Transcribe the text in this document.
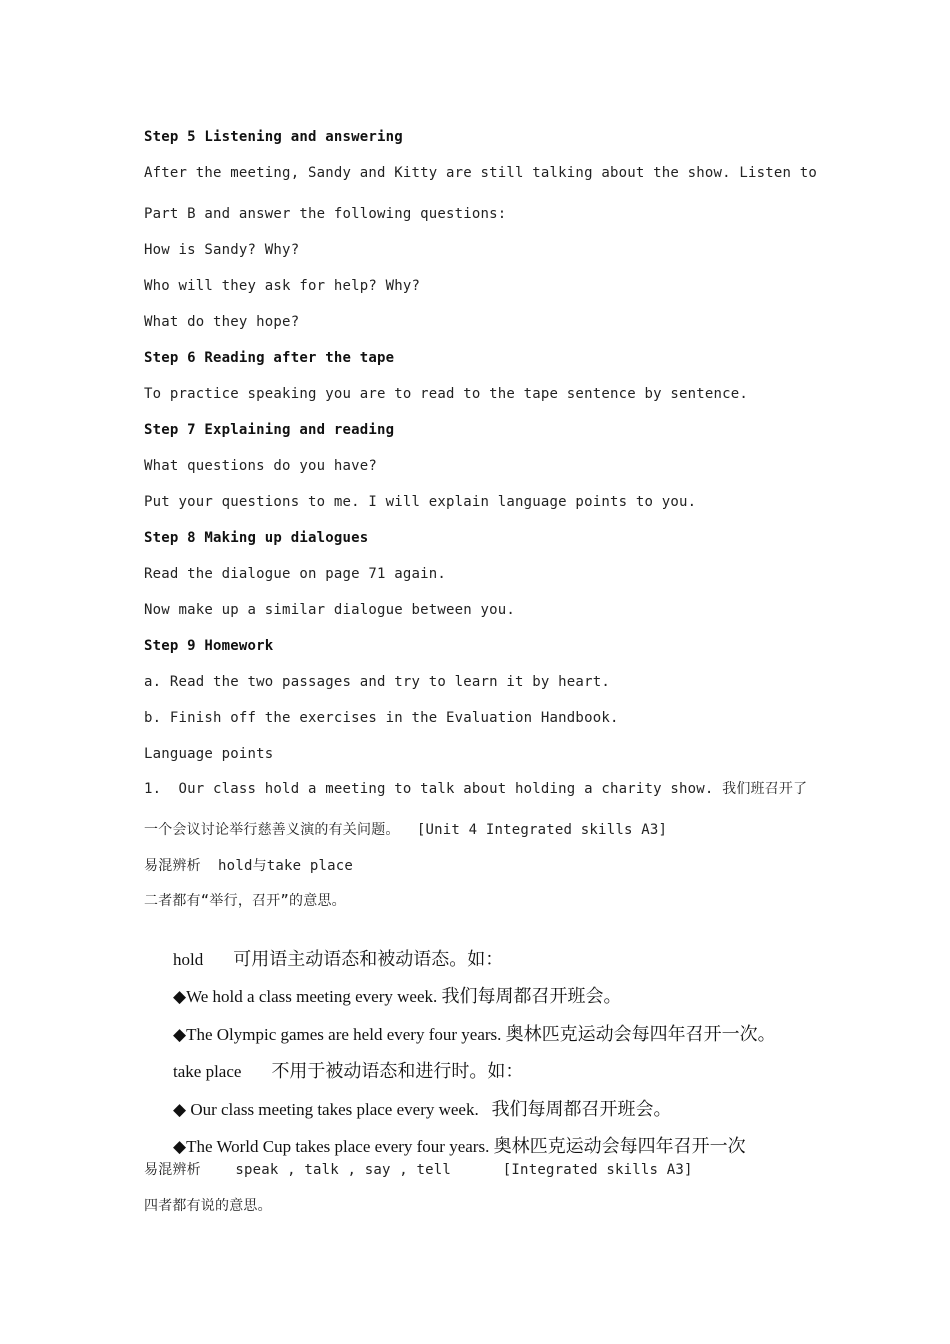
Step 5 Listening and answering
After the meeting, Sandy and Kitty are still talking about the show. Listen to
Part B and answer the following questions:
How is Sandy? Why?
Who will they ask for help? Why?
What do they hope?
Step 6 Reading after the tape
To practice speaking you are to read to the tape sentence by sentence.
Step 7 Explaining and reading
What questions do you have?
Put your questions to me. I will explain language points to you.
Step 8 Making up dialogues
Read the dialogue on page 71 again.
Now make up a similar dialogue between you.
Step 9 Homework
a. Read the two passages and try to learn it by heart.
b. Finish off the exercises in the Evaluation Handbook.
Language points
1.  Our class hold a meeting to talk about holding a charity show. 我们班召开了
一个会议讨论举行慈善义演的有关问题。  [Unit 4 Integrated skills A3]
易混辨析  hold与take place
二者都有“举行，召开”的意思。

hold 可用语主动语态和被动语态。如：

◆We hold a class meeting every week. 我们每周都召开班会。

◆The Olympic games are held every four years. 奥林匹克运动会每四年召开一次。

take place 不用于被动语态和进行时。如：

◆ Our class meeting takes place every week. 我们每周都召开班会。

◆The World Cup takes place every four years. 奥林匹克运动会每四年召开一次

易混辨析    speak , talk , say , tell      [Integrated skills A3]
四者都有说的意思。
